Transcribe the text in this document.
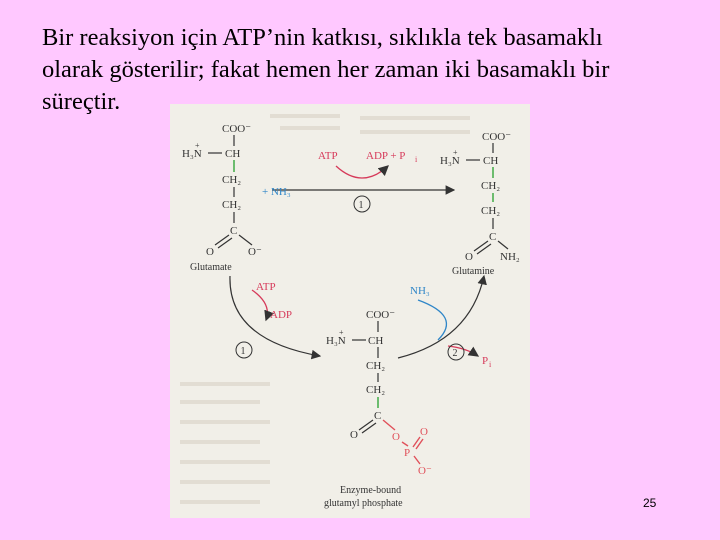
Bir reaksiyon için ATP’nin katkısı, sıklıkla tek basamaklı
olarak gösterilir; fakat hemen her zaman iki basamaklı bir
süreçtir.
COO⁻
H₃N
+
CH
CH₂
CH₂
C
O	O⁻
Glutamate
COO⁻
H₃N
+
CH
CH₂
CH₂
C
O NH₂
Glutamine
ATP	ADP + P i
+ NH₃
1
ATP
ADP
1
NH₃
P i
2
COO⁻
H₃N
+
CH
CH₂
CH₂
C
O	O
P
O
O⁻
Enzyme-bound
glutamyl phosphate	25
